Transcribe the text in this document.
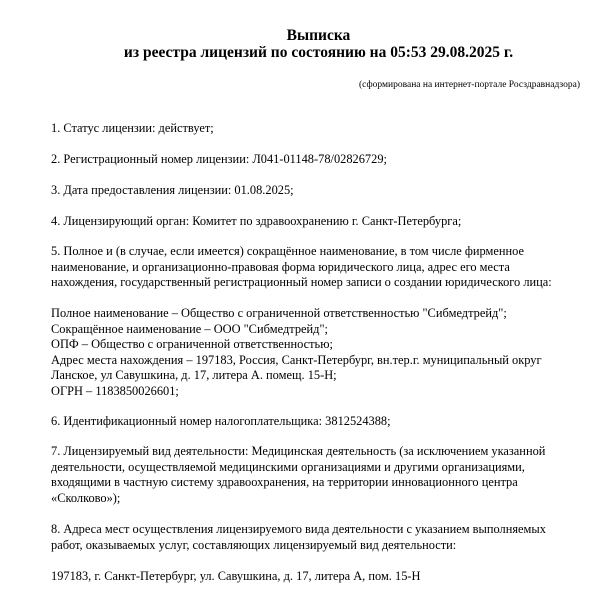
Выписка
из реестра лицензий по состоянию на 05:53 29.08.2025 г.
(сформирована на интернет-портале Росздравнадзора)
1. Статус лицензии: действует;
2. Регистрационный номер лицензии: Л041-01148-78/02826729;
3. Дата предоставления лицензии: 01.08.2025;
4. Лицензирующий орган: Комитет по здравоохранению г. Санкт-Петербурга;
5. Полное и (в случае, если имеется) сокращённое наименование, в том числе фирменное
наименование, и организационно-правовая форма юридического лица, адрес его места
нахождения, государственный регистрационный номер записи о создании юридического лица:
Полное наименование – Общество с ограниченной ответственностью "Сибмедтрейд";
Сокращённое наименование – ООО "Сибмедтрейд";
ОПФ – Общество с ограниченной ответственностью;
Адрес места нахождения – 197183, Россия, Санкт-Петербург, вн.тер.г. муниципальный округ
Ланское, ул Савушкина, д. 17, литера А. помещ. 15-Н;
ОГРН – 1183850026601;
6. Идентификационный номер налогоплательщика: 3812524388;
7. Лицензируемый вид деятельности: Медицинская деятельность (за исключением указанной
деятельности, осуществляемой медицинскими организациями и другими организациями,
входящими в частную систему здравоохранения, на территории инновационного центра
«Сколково»);
8. Адреса мест осуществления лицензируемого вида деятельности с указанием выполняемых
работ, оказываемых услуг, составляющих лицензируемый вид деятельности:
197183, г. Санкт-Петербург, ул. Савушкина, д. 17, литера А, пом. 15-Н
